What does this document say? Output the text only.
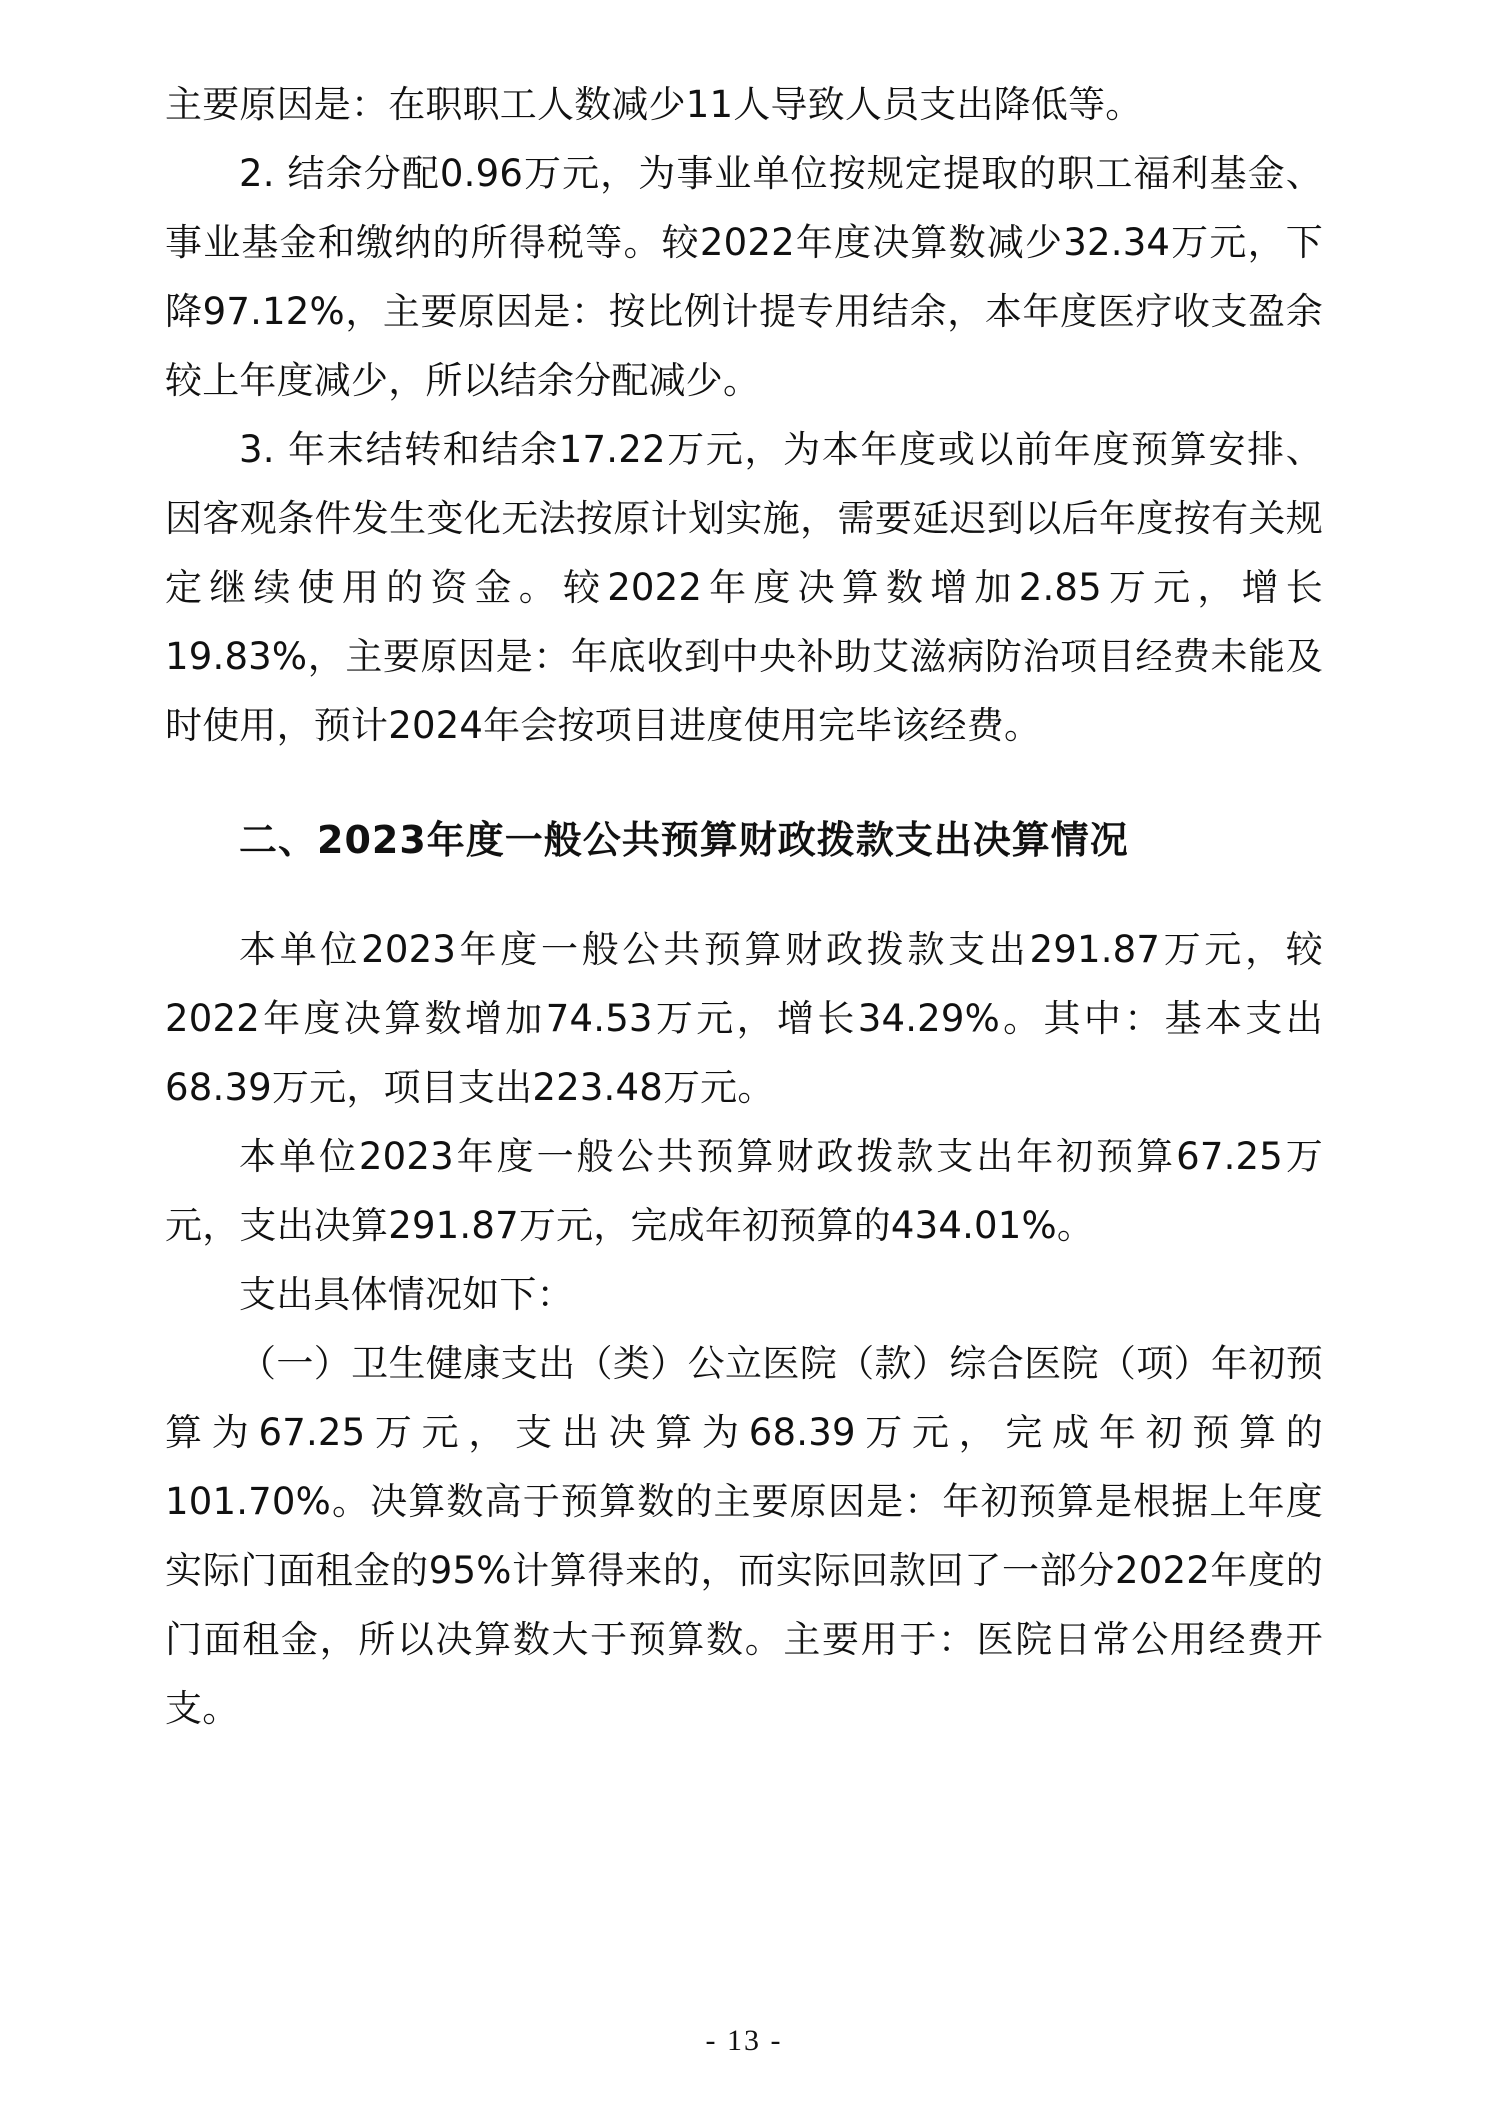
主要原因是：在职职工人数减少11人导致人员支出降低等。

2. 结余分配0.96万元，为事业单位按规定提取的职工福利基金、事业基金和缴纳的所得税等。较2022年度决算数减少32.34万元，下降97.12%，主要原因是：按比例计提专用结余，本年度医疗收支盈余较上年度减少，所以结余分配减少。

3. 年末结转和结余17.22万元，为本年度或以前年度预算安排、因客观条件发生变化无法按原计划实施，需要延迟到以后年度按有关规定继续使用的资金。较2022年度决算数增加2.85万元，增长19.83%，主要原因是：年底收到中央补助艾滋病防治项目经费未能及时使用，预计2024年会按项目进度使用完毕该经费。

二、2023年度一般公共预算财政拨款支出决算情况

本单位2023年度一般公共预算财政拨款支出291.87万元，较2022年度决算数增加74.53万元，增长34.29%。其中：基本支出68.39万元，项目支出223.48万元。

本单位2023年度一般公共预算财政拨款支出年初预算67.25万元，支出决算291.87万元，完成年初预算的434.01%。

支出具体情况如下：

（一）卫生健康支出（类）公立医院（款）综合医院（项）年初预算为67.25万元，支出决算为68.39万元，完成年初预算的101.70%。决算数高于预算数的主要原因是：年初预算是根据上年度实际门面租金的95%计算得来的，而实际回款回了一部分2022年度的门面租金，所以决算数大于预算数。主要用于：医院日常公用经费开支。

- 13 -
